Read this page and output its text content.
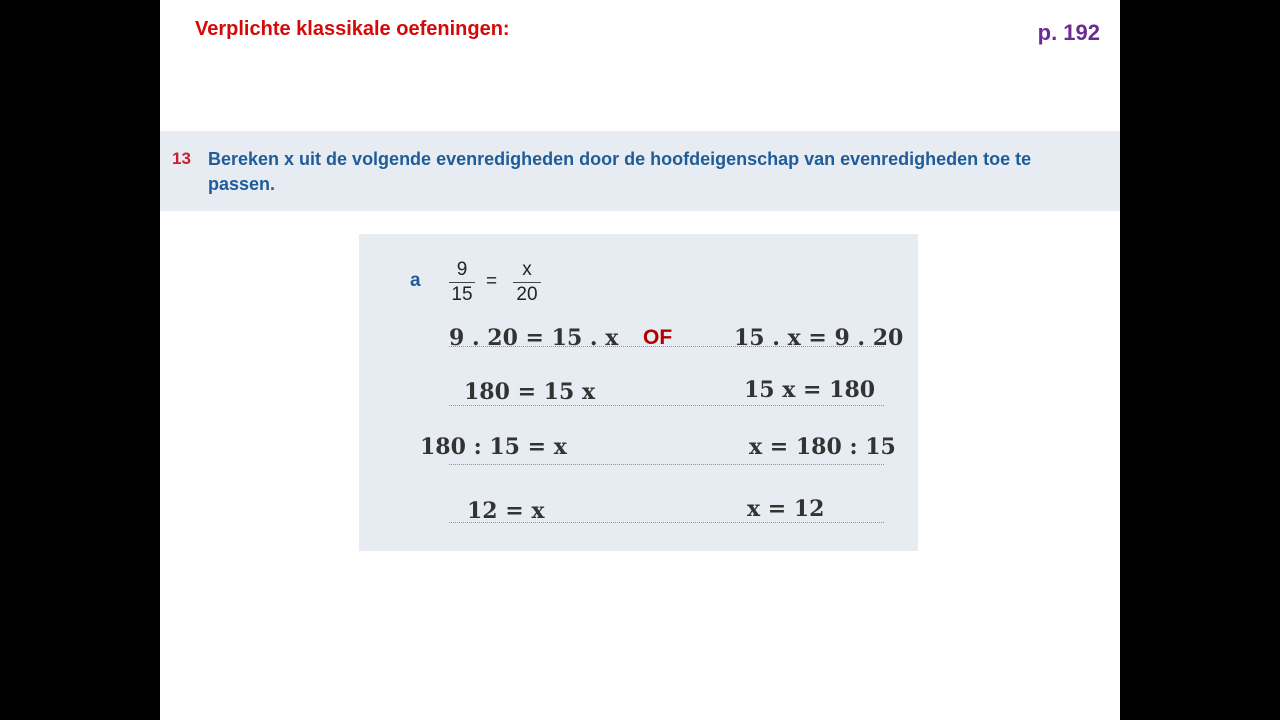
Verplichte klassikale oefeningen:	p. 192
13 Bereken x uit de volgende evenredigheden door de hoofdeigenschap van evenredigheden toe te passen.
a
9
15
=
x
20
9 . 20 = 15 . x
180 = 15 x
180 : 15 = x
12 = x
OF	15 . x = 9 . 20
15 x = 180
x = 180 : 15
x = 12
